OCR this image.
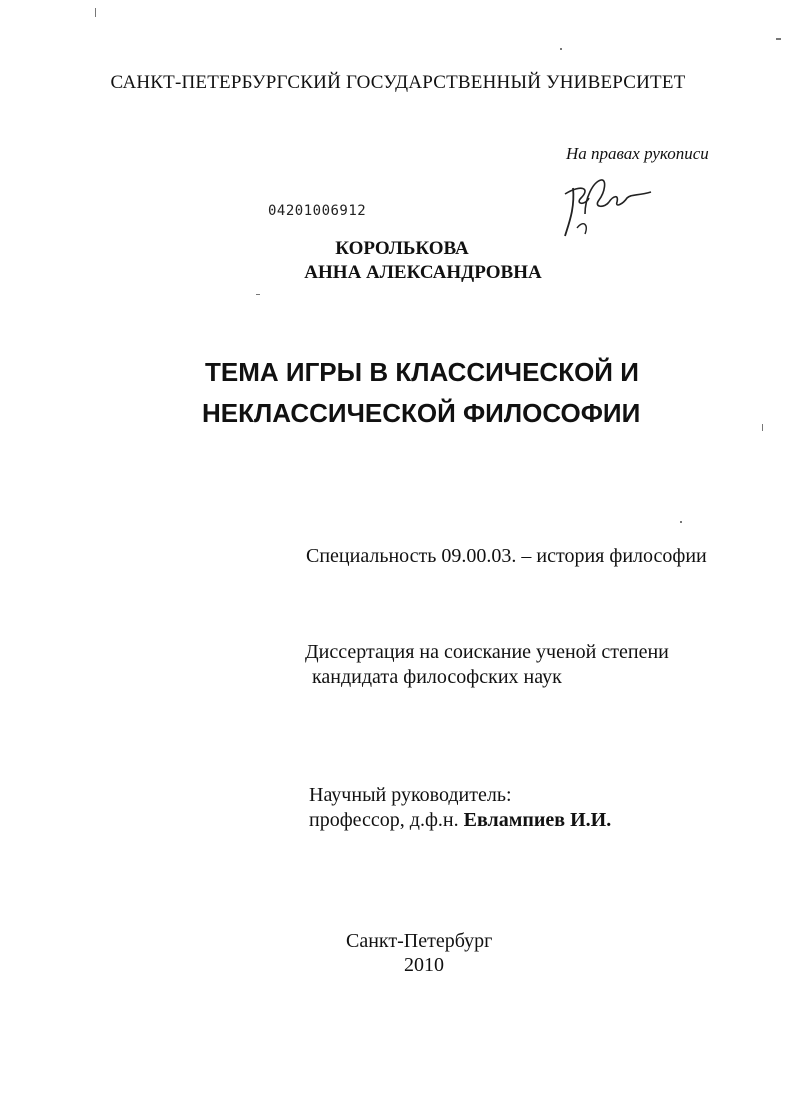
САНКТ-ПЕТЕРБУРГСКИЙ ГОСУДАРСТВЕННЫЙ УНИВЕРСИТЕТ
На правах рукописи
04201006912
КОРОЛЬКОВА
АННА АЛЕКСАНДРОВНА
ТЕМА ИГРЫ В КЛАССИЧЕСКОЙ И
НЕКЛАССИЧЕСКОЙ ФИЛОСОФИИ
Специальность 09.00.03. – история философии
Диссертация на соискание ученой степени
кандидата философских наук
Научный руководитель:
профессор, д.ф.н. Евлампиев И.И.
Санкт-Петербург
2010
